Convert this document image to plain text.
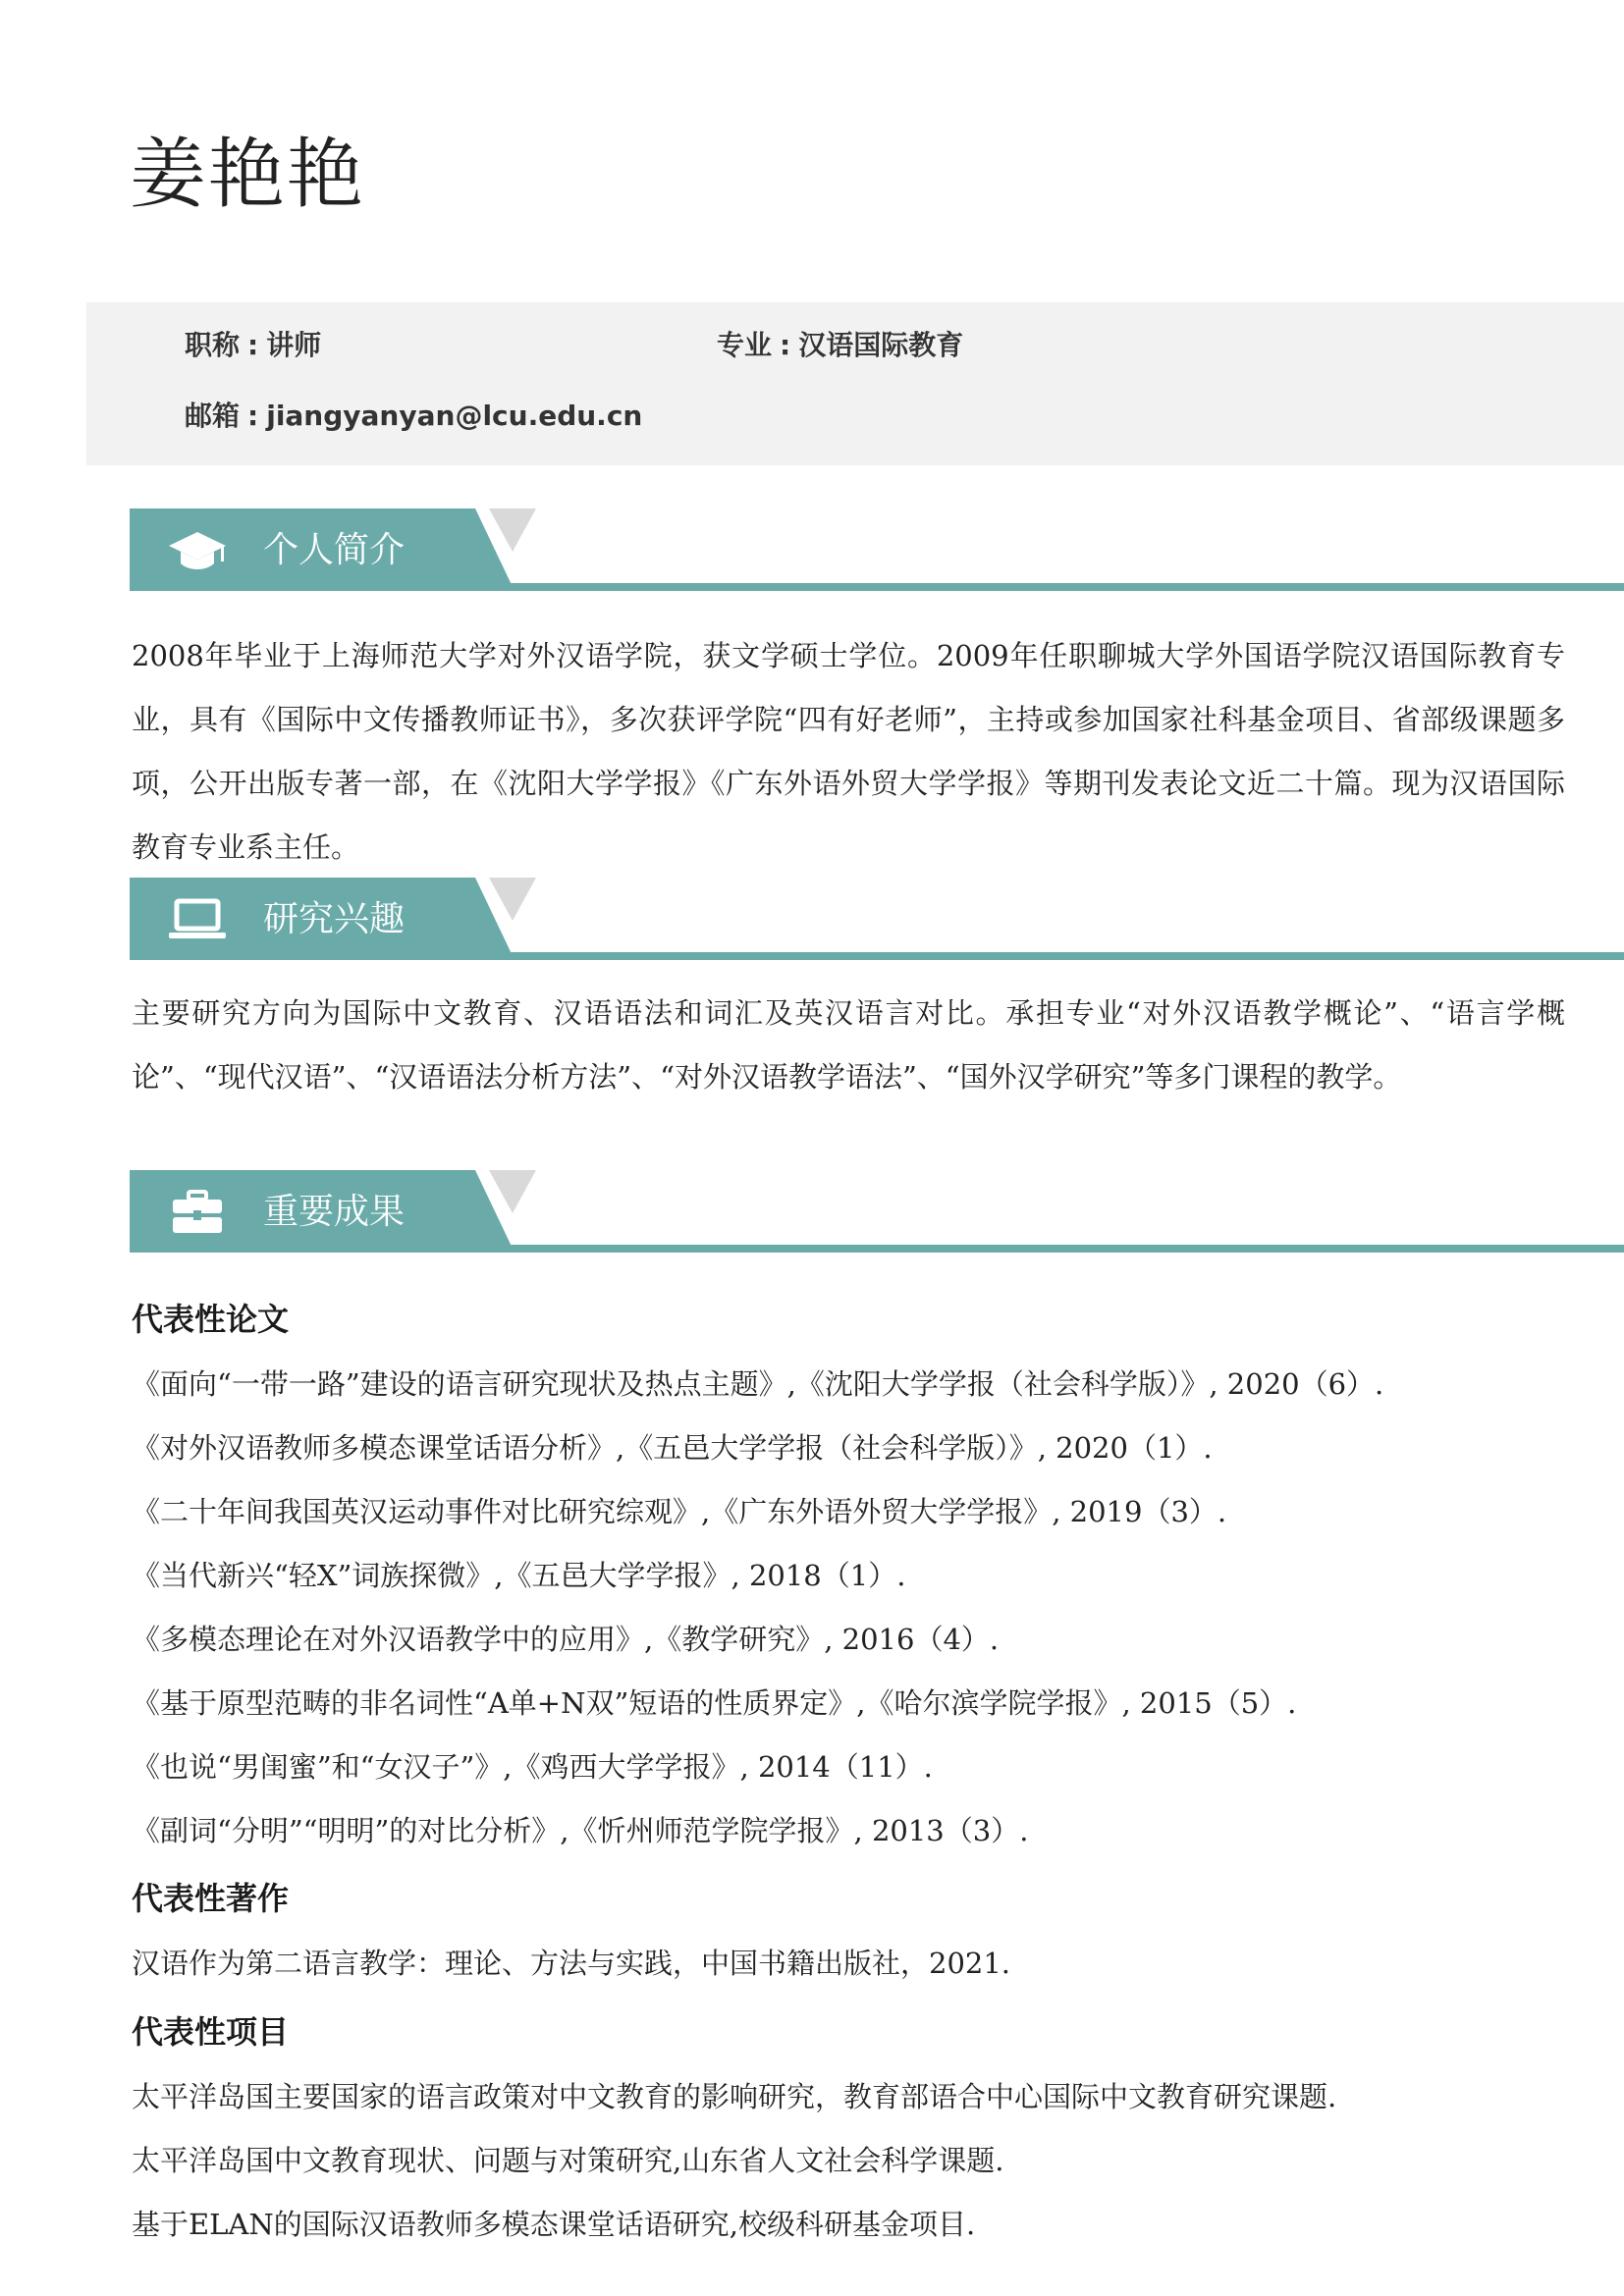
姜艳艳
职称 : 讲师	专业 : 汉语国际教育
邮箱 : jiangyanyan@lcu.edu.cn
个人简介
2008年毕业于上海师范大学对外汉语学院，获文学硕士学位。2009年任职聊城大学外国语学院汉语国际教育专业，具有《国际中文传播教师证书》，多次获评学院“四有好老师”，主持或参加国家社科基金项目、省部级课题多项，公开出版专著一部，在《沈阳大学学报》《广东外语外贸大学学报》等期刊发表论文近二十篇。现为汉语国际教育专业系主任。
研究兴趣
主要研究方向为国际中文教育、汉语语法和词汇及英汉语言对比。承担专业“对外汉语教学概论”、“语言学概论”、“现代汉语”、“汉语语法分析方法”、“对外汉语教学语法”、“国外汉学研究”等多门课程的教学。
重要成果
代表性论文
《面向“一带一路”建设的语言研究现状及热点主题》,《沈阳大学学报（社会科学版）》, 2020（6）.
《对外汉语教师多模态课堂话语分析》,《五邑大学学报（社会科学版）》, 2020（1）.
《二十年间我国英汉运动事件对比研究综观》,《广东外语外贸大学学报》, 2019（3）.
《当代新兴“轻X”词族探微》,《五邑大学学报》, 2018（1）.
《多模态理论在对外汉语教学中的应用》,《教学研究》, 2016（4）.
《基于原型范畴的非名词性“A单+N双”短语的性质界定》,《哈尔滨学院学报》, 2015（5）.
《也说“男闺蜜”和“女汉子”》,《鸡西大学学报》, 2014（11）.
《副词“分明”“明明”的对比分析》,《忻州师范学院学报》, 2013（3）.
代表性著作
汉语作为第二语言教学：理论、方法与实践，中国书籍出版社，2021.
代表性项目
太平洋岛国主要国家的语言政策对中文教育的影响研究，教育部语合中心国际中文教育研究课题.
太平洋岛国中文教育现状、问题与对策研究,山东省人文社会科学课题.
基于ELAN的国际汉语教师多模态课堂话语研究,校级科研基金项目.
